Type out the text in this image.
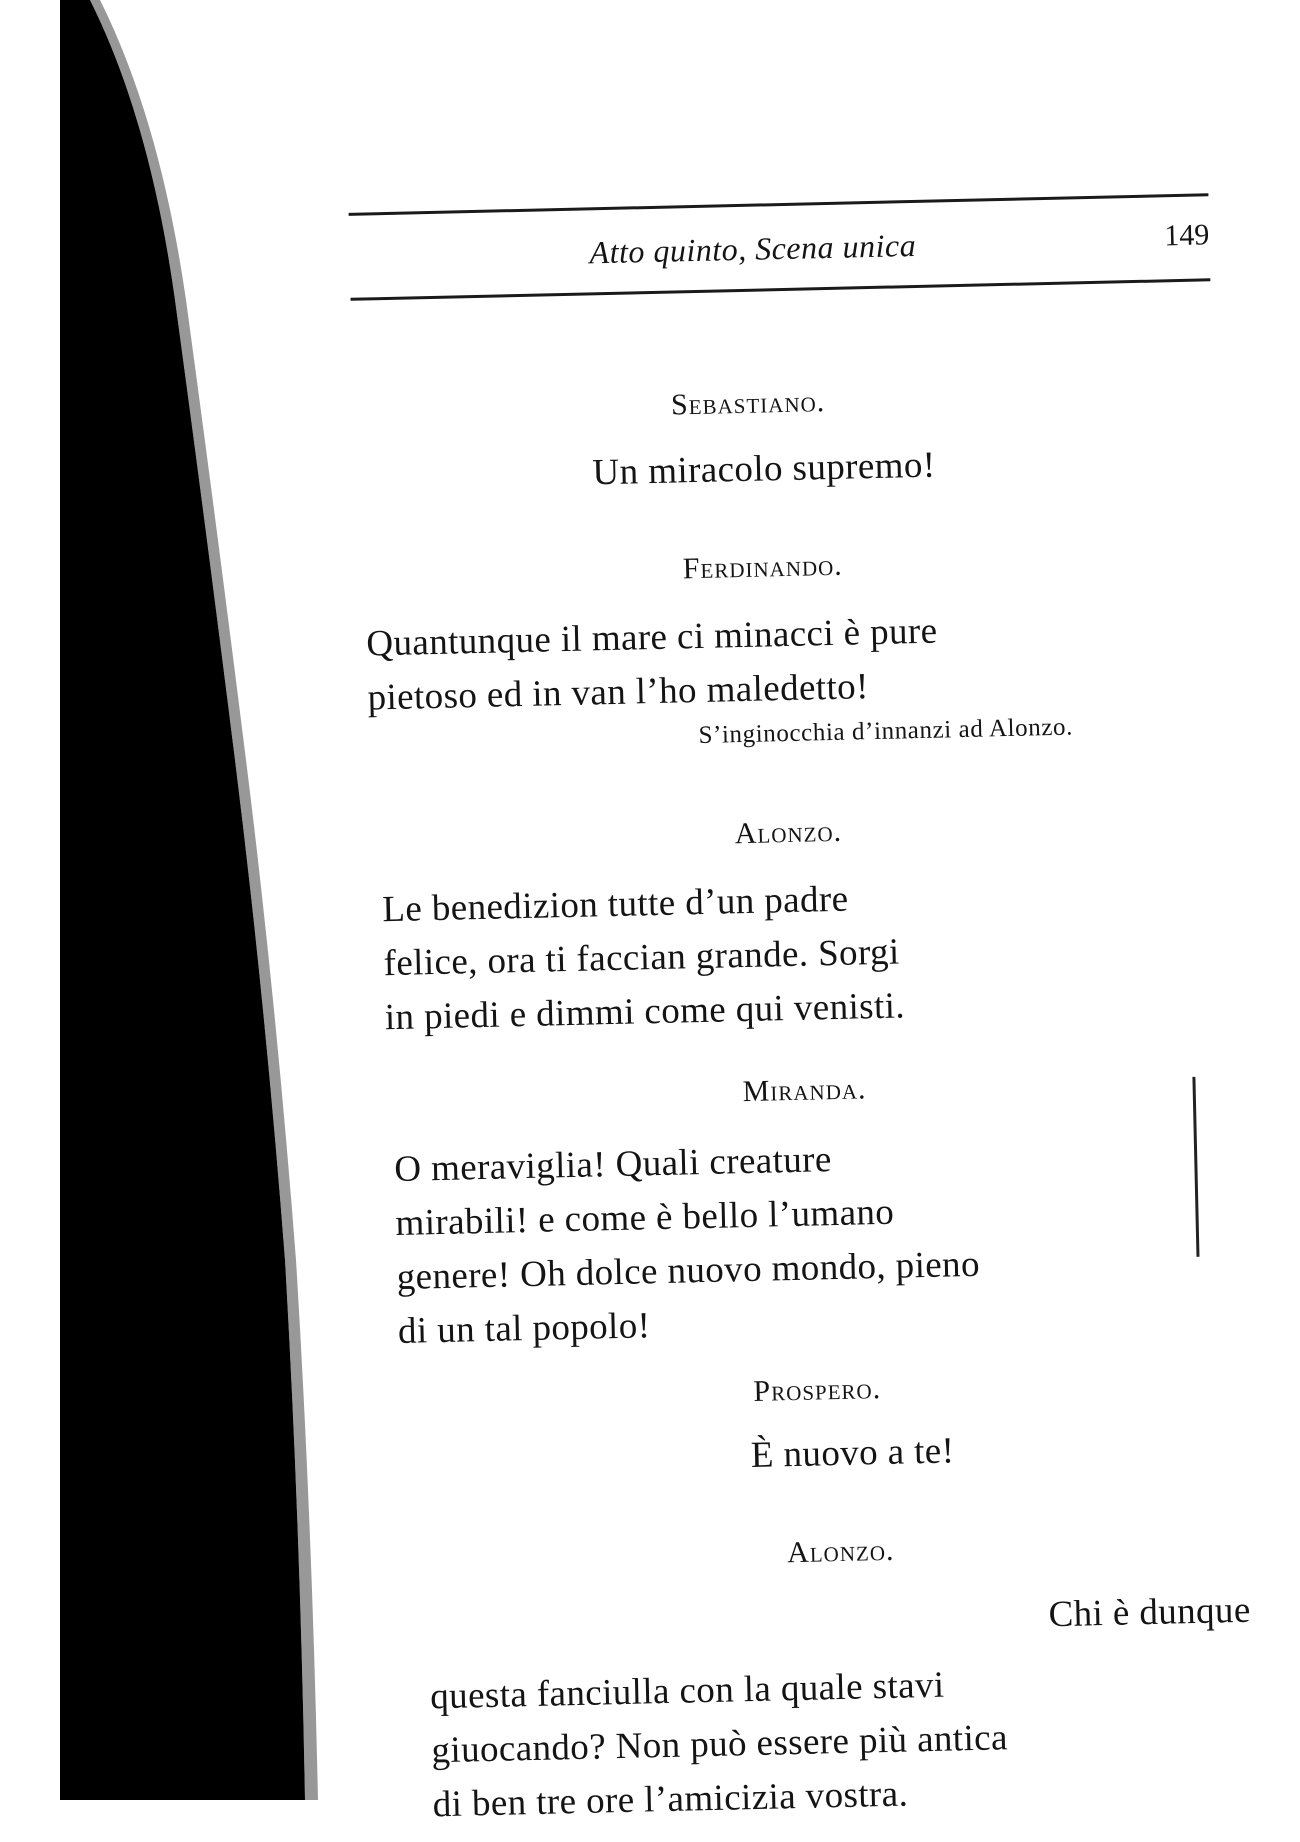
Atto quinto, Scena unica	149
Sebastiano.
Un miracolo supremo!
Ferdinando.
Quantunque il mare ci minacci è pure
pietoso ed in van l’ho maledetto!
S’inginocchia d’innanzi ad Alonzo.
Alonzo.
Le benedizion tutte d’un padre
felice, ora ti faccian grande. Sorgi
in piedi e dimmi come qui venisti.
Miranda.
O meraviglia! Quali creature
mirabili! e come è bello l’umano
genere! Oh dolce nuovo mondo, pieno
di un tal popolo!
Prospero.
È nuovo a te!
Alonzo.
Chi è dunque
questa fanciulla con la quale stavi
giuocando? Non può essere più antica
di ben tre ore l’amicizia vostra.
